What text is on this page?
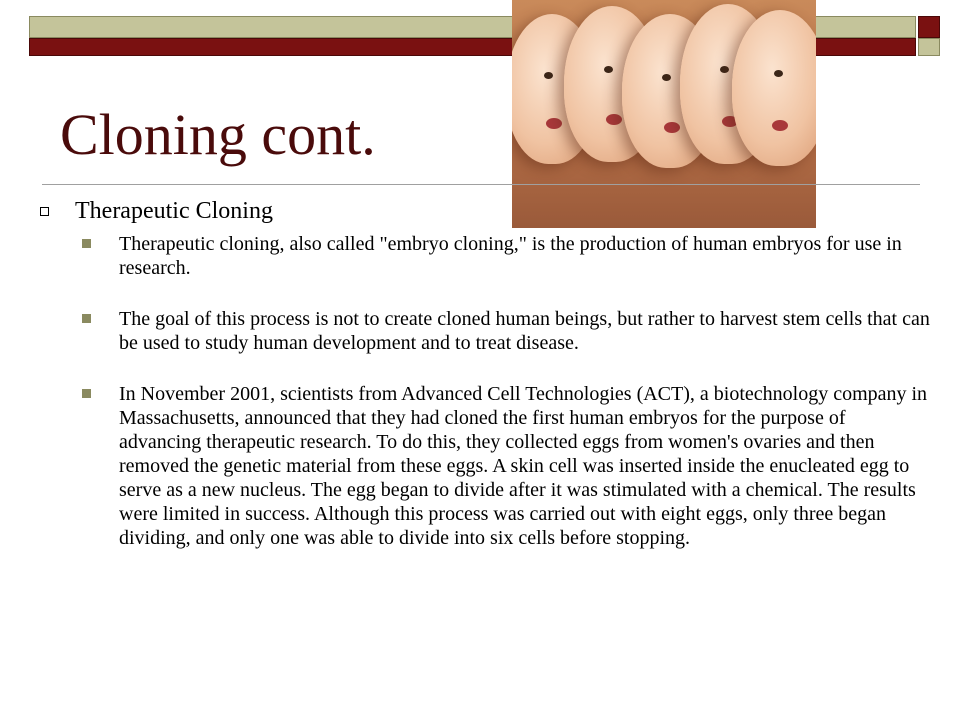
Cloning cont.
Therapeutic Cloning
Therapeutic cloning, also called "embryo cloning," is the production of human embryos for use in research.
The goal of this process is not to create cloned human beings, but rather to harvest stem cells that can be used to study human development and to treat disease.
In November 2001, scientists from Advanced Cell Technologies (ACT), a biotechnology company in Massachusetts, announced that they had cloned the first human embryos for the purpose of advancing therapeutic research. To do this, they collected eggs from women's ovaries and then removed the genetic material from these eggs. A skin cell was inserted inside the enucleated egg to serve as a new nucleus. The egg began to divide after it was stimulated with a chemical. The results were limited in success. Although this process was carried out with eight eggs, only three began dividing, and only one was able to divide into six cells before stopping.
